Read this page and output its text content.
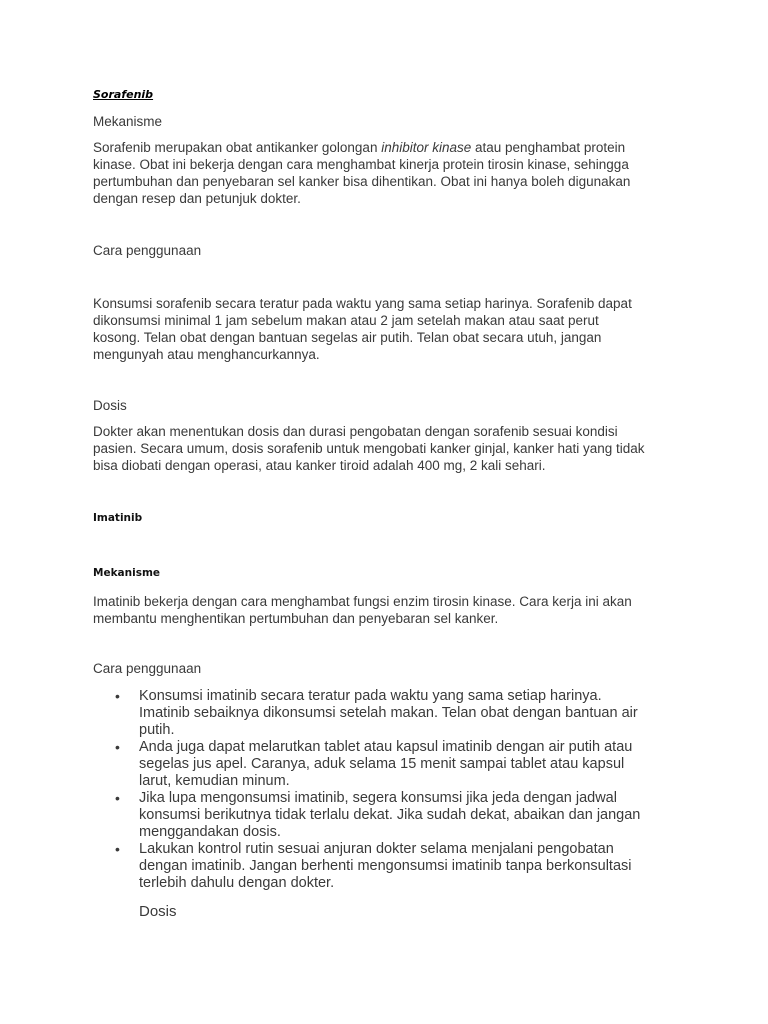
Sorafenib
Mekanisme
Sorafenib merupakan obat antikanker golongan inhibitor kinase atau penghambat protein
kinase. Obat ini bekerja dengan cara menghambat kinerja protein tirosin kinase, sehingga
pertumbuhan dan penyebaran sel kanker bisa dihentikan. Obat ini hanya boleh digunakan
dengan resep dan petunjuk dokter.
Cara penggunaan
Konsumsi sorafenib secara teratur pada waktu yang sama setiap harinya. Sorafenib dapat
dikonsumsi minimal 1 jam sebelum makan atau 2 jam setelah makan atau saat perut
kosong. Telan obat dengan bantuan segelas air putih. Telan obat secara utuh, jangan
mengunyah atau menghancurkannya.
Dosis
Dokter akan menentukan dosis dan durasi pengobatan dengan sorafenib sesuai kondisi
pasien. Secara umum, dosis sorafenib untuk mengobati kanker ginjal, kanker hati yang tidak
bisa diobati dengan operasi, atau kanker tiroid adalah 400 mg, 2 kali sehari.
Imatinib
Mekanisme
Imatinib bekerja dengan cara menghambat fungsi enzim tirosin kinase. Cara kerja ini akan
membantu menghentikan pertumbuhan dan penyebaran sel kanker.
Cara penggunaan
• Konsumsi imatinib secara teratur pada waktu yang sama setiap harinya.
Imatinib sebaiknya dikonsumsi setelah makan. Telan obat dengan bantuan air
putih.
• Anda juga dapat melarutkan tablet atau kapsul imatinib dengan air putih atau
segelas jus apel. Caranya, aduk selama 15 menit sampai tablet atau kapsul
larut, kemudian minum.
• Jika lupa mengonsumsi imatinib, segera konsumsi jika jeda dengan jadwal
konsumsi berikutnya tidak terlalu dekat. Jika sudah dekat, abaikan dan jangan
menggandakan dosis.
• Lakukan kontrol rutin sesuai anjuran dokter selama menjalani pengobatan
dengan imatinib. Jangan berhenti mengonsumsi imatinib tanpa berkonsultasi
terlebih dahulu dengan dokter.
Dosis
